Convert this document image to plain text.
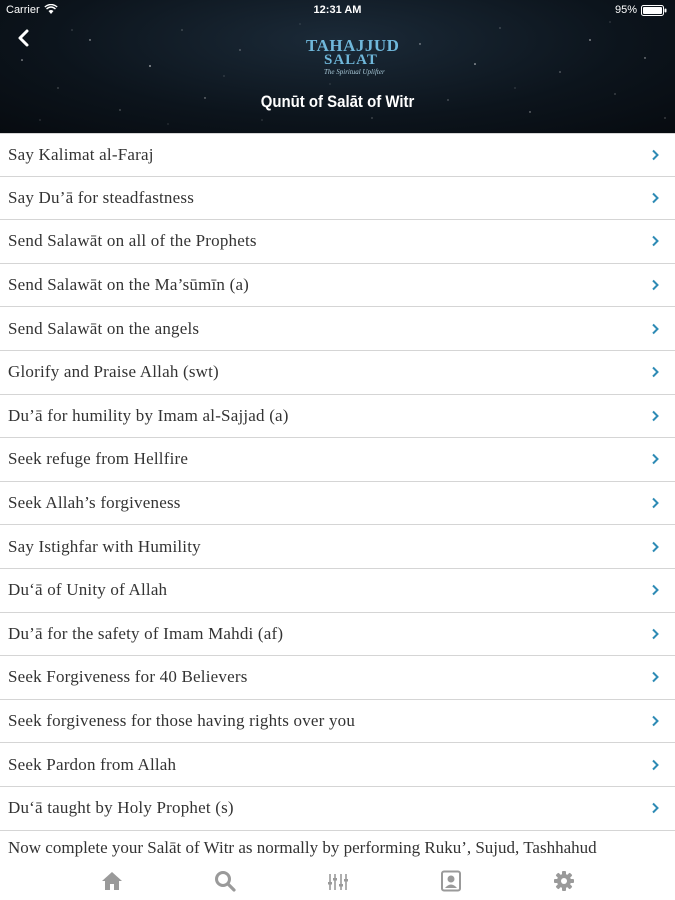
Carrier	12:31 AM	95%
TAHAJJUD
SALAT
The Spiritual Uplifter
Qunūt of Salāt of Witr
Say Kalimat al-Faraj
Say Du’ā for steadfastness
Send Salawāt on all of the Prophets
Send Salawāt on the Ma’sūmīn (a)
Send Salawāt on the angels
Glorify and Praise Allah (swt)
Du’ā for humility by Imam al-Sajjad (a)
Seek refuge from Hellfire
Seek Allah’s forgiveness
Say Istighfar with Humility
Du‘ā of Unity of Allah
Du’ā for the safety of Imam Mahdi (af)
Seek Forgiveness for 40 Believers
Seek forgiveness for those having rights over you
Seek Pardon from Allah
Du‘ā taught by Holy Prophet (s)
Now complete your Salāt of Witr as normally by performing Ruku’, Sujud, Tashhahud
